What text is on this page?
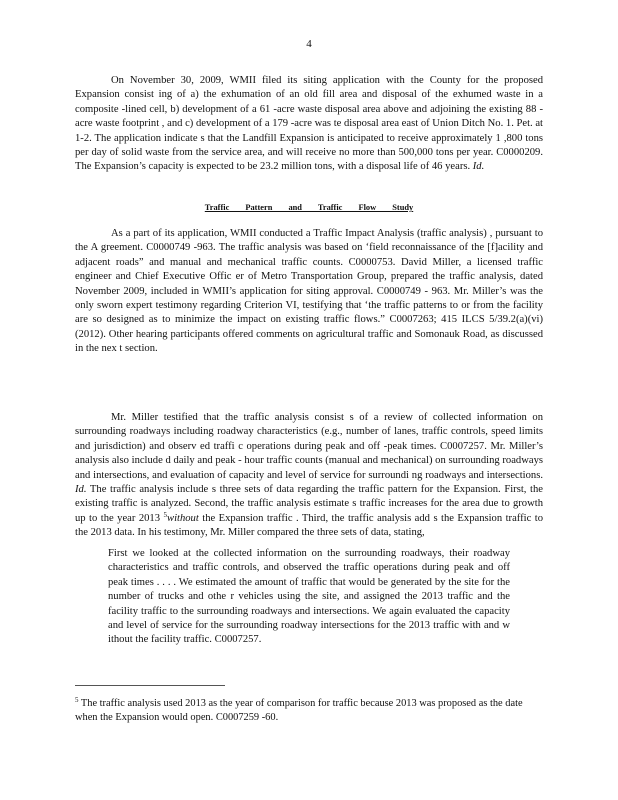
4
On November 30, 2009, WMII filed its siting application with the County for the proposed Expansion consist ing of a) the exhumation of an old fill area and disposal of the exhumed waste in a composite -lined cell, b) development of a 61 -acre waste disposal area above and adjoining the existing 88 -acre waste footprint , and c) development of a 179 -acre was te disposal area east of Union Ditch No. 1. Pet. at 1-2. The application indicate s that the Landfill Expansion is anticipated to receive approximately 1 ,800 tons per day of solid waste from the service area, and will receive no more than 500,000 tons per year. C0000209. The Expansion’s capacity is expected to be 23.2 million tons, with a disposal life of 46 years. Id.
Traffic Pattern and Traffic Flow Study
As a part of its application, WMII conducted a Traffic Impact Analysis (traffic analysis) , pursuant to the A greement. C0000749 -963. The traffic analysis was based on ‘field reconnaissance of the [f]acility and adjacent roads” and manual and mechanical traffic counts. C0000753. David Miller, a licensed traffic engineer and Chief Executive Offic er of Metro Transportation Group, prepared the traffic analysis, dated November 2009, included in WMII’s application for siting approval. C0000749 - 963. Mr. Miller’s was the only sworn expert testimony regarding Criterion VI, testifying that ‘the traffic patterns to or from the facility are so designed as to minimize the impact on existing traffic flows.” C0007263; 415 ILCS 5/39.2(a)(vi) (2012). Other hearing participants offered comments on agricultural traffic and Somonauk Road, as discussed in the nex t section.
Mr. Miller testified that the traffic analysis consist s of a review of collected information on surrounding roadways including roadway characteristics (e.g., number of lanes, traffic controls, speed limits and jurisdiction) and observ ed traffi c operations during peak and off -peak times. C0007257. Mr. Miller’s analysis also include d daily and peak - hour traffic counts (manual and mechanical) on surrounding roadways and intersections, and evaluation of capacity and level of service for surroundi ng roadways and intersections. Id. The traffic analysis include s three sets of data regarding the traffic pattern for the Expansion. First, the existing traffic is analyzed. Second, the traffic analysis estimate s traffic increases for the area due to growth up to the year 2013 $^5$without the Expansion traffic . Third, the traffic analysis add s the Expansion traffic to the 2013 data. In his testimony, Mr. Miller compared the three sets of data, stating,
First we looked at the collected information on the surrounding roadways, their roadway characteristics and traffic controls, and observed the traffic operations during peak and off peak times . . . . We estimated the amount of traffic that would be generated by the site for the number of trucks and othe r vehicles using the site, and assigned the 2013 traffic and the facility traffic to the surrounding roadways and intersections. We again evaluated the capacity and level of service for the surrounding roadway intersections for the 2013 traffic with and w ithout the facility traffic. C0007257.
$^5$ The traffic analysis used 2013 as the year of comparison for traffic because 2013 was proposed as the date when the Expansion would open. C0007259 -60.
